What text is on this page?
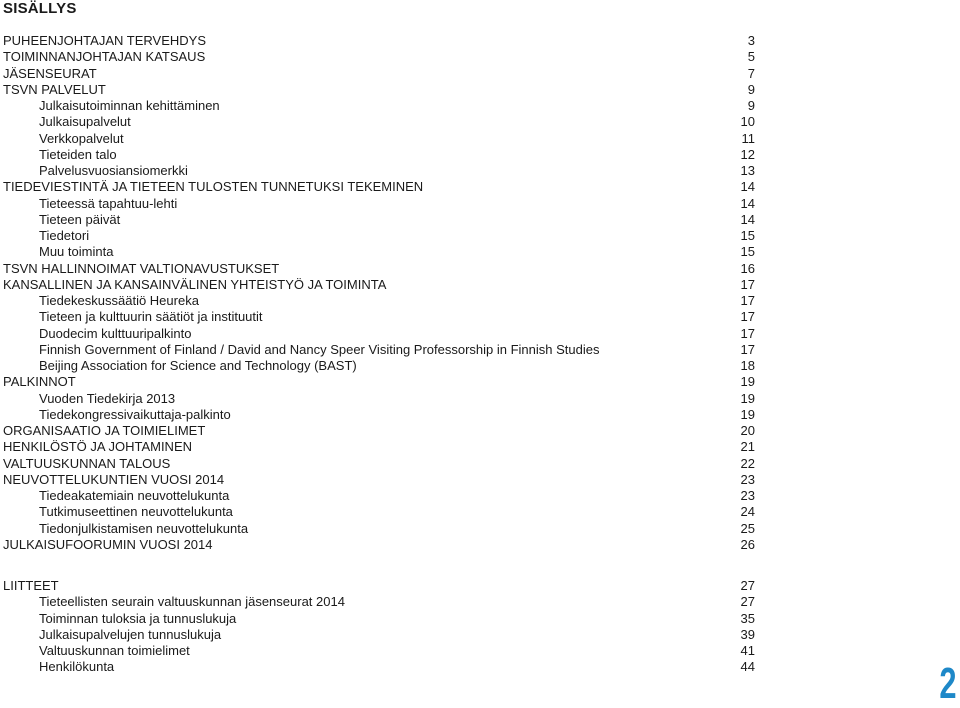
SISÄLLYS
PUHEENJOHTAJAN TERVEHDYS	3
TOIMINNANJOHTAJAN KATSAUS	5
JÄSENSEURAT	7
TSVN PALVELUT	9
Julkaisutoiminnan kehittäminen	9
Julkaisupalvelut	10
Verkkopalvelut	11
Tieteiden talo	12
Palvelusvuosiansiomerkki	13
TIEDEVIESTINTÄ JA TIETEEN TULOSTEN TUNNETUKSI TEKEMINEN	14
Tieteessä tapahtuu-lehti	14
Tieteen päivät	14
Tiedetori	15
Muu toiminta	15
TSVN HALLINNOIMAT VALTIONAVUSTUKSET	16
KANSALLINEN JA KANSAINVÄLINEN YHTEISTYÖ JA TOIMINTA	17
Tiedekeskussäätiö Heureka	17
Tieteen ja kulttuurin säätiöt ja instituutit	17
Duodecim kulttuuripalkinto	17
Finnish Government of Finland / David and Nancy Speer Visiting Professorship in Finnish Studies	17
Beijing Association for Science and Technology (BAST)	18
PALKINNOT	19
Vuoden Tiedekirja 2013	19
Tiedekongressivaikuttaja-palkinto	19
ORGANISAATIO JA TOIMIELIMET	20
HENKILÖSTÖ JA JOHTAMINEN	21
VALTUUSKUNNAN TALOUS	22
NEUVOTTELUKUNTIEN VUOSI 2014	23
Tiedeakatemiain neuvottelukunta	23
Tutkimuseettinen neuvottelukunta	24
Tiedonjulkistamisen neuvottelukunta	25
JULKAISUFOORUMIN VUOSI 2014	26
LIITTEET	27
Tieteellisten seurain valtuuskunnan jäsenseurat 2014	27
Toiminnan tuloksia ja tunnuslukuja	35
Julkaisupalvelujen tunnuslukuja	39
Valtuuskunnan toimielimet	41
Henkilökunta	44	2
